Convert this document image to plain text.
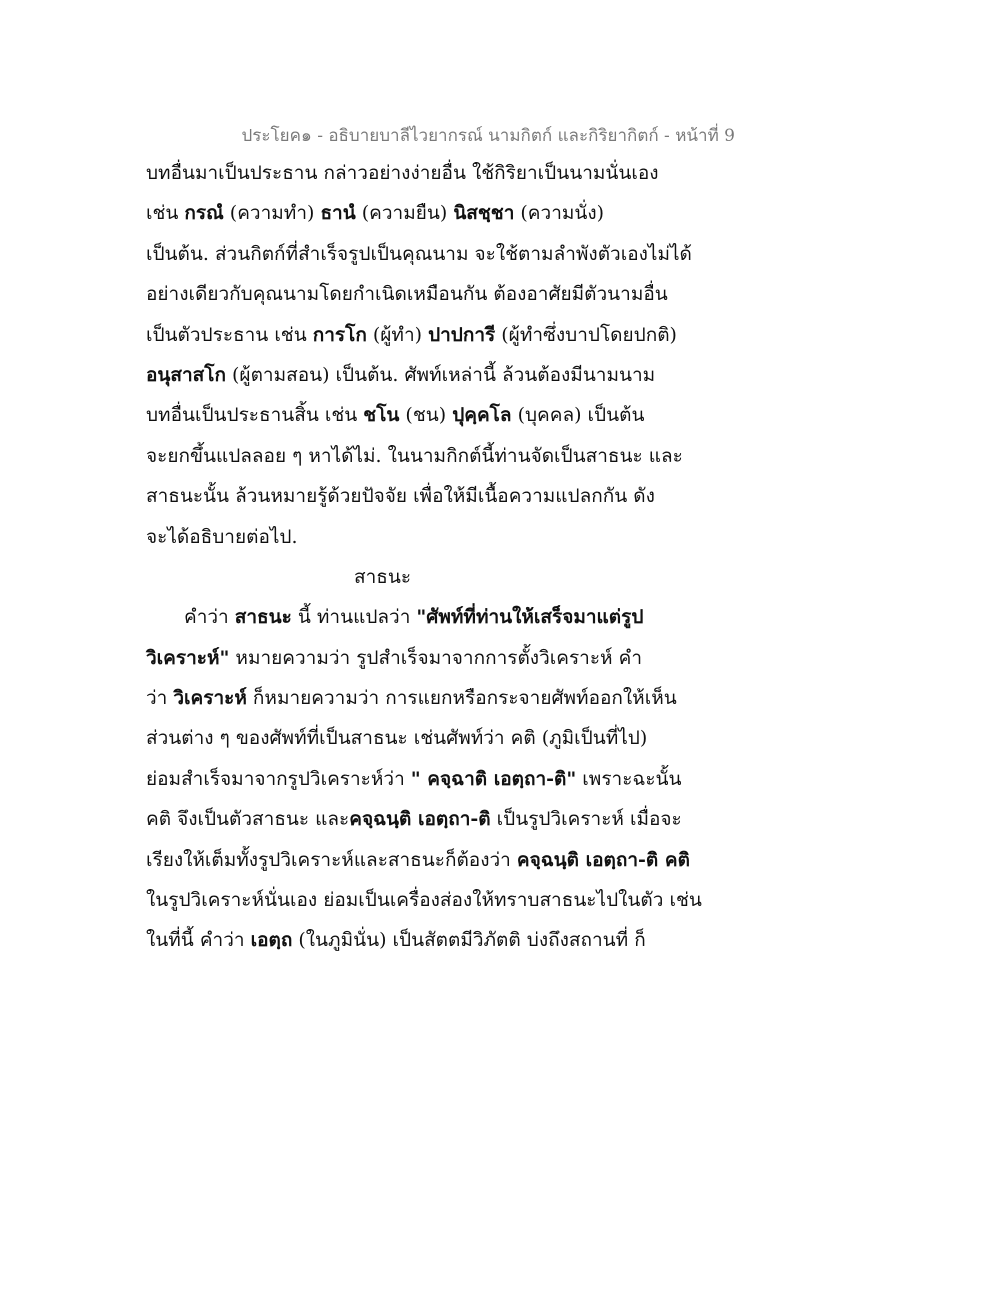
ประโยค๑ - อธิบายบาลีไวยากรณ์ นามกิตก์ และกิริยากิตก์ - หน้าที่ 9
บทอื่นมาเป็นประธาน กล่าวอย่างง่ายอื่น ใช้กิริยาเป็นนามนั่นเอง
เช่น กรณํ (ความทำ) ธานํ (ความยืน) นิสชฺชา (ความนั่ง)
เป็นต้น. ส่วนกิตก์ที่สำเร็จรูปเป็นคุณนาม จะใช้ตามลำพังตัวเองไม่ได้
อย่างเดียวกับคุณนามโดยกำเนิดเหมือนกัน ต้องอาศัยมีตัวนามอื่น
เป็นตัวประธาน เช่น การโก (ผู้ทำ) ปาปการี (ผู้ทำซึ่งบาปโดยปกติ)
อนุสาสโก (ผู้ตามสอน) เป็นต้น. ศัพท์เหล่านี้ ล้วนต้องมีนามนาม
บทอื่นเป็นประธานสิ้น เช่น ชโน (ชน) ปุคฺคโล (บุคคล) เป็นต้น
จะยกขึ้นแปลลอย ๆ หาได้ไม่. ในนามกิกต์นี้ท่านจัดเป็นสาธนะ และ
สาธนะนั้น ล้วนหมายรู้ด้วยปัจจัย เพื่อให้มีเนื้อความแปลกกัน ดัง
จะได้อธิบายต่อไป.
สาธนะ
คำว่า สาธนะ นี้ ท่านแปลว่า "ศัพท์ที่ท่านให้เสร็จมาแต่รูป
วิเคราะห์" หมายความว่า รูปสำเร็จมาจากการตั้งวิเคราะห์ คำ
ว่า วิเคราะห์ ก็หมายความว่า การแยกหรือกระจายศัพท์ออกให้เห็น
ส่วนต่าง ๆ ของศัพท์ที่เป็นสาธนะ เช่นศัพท์ว่า คติ (ภูมิเป็นที่ไป)
ย่อมสำเร็จมาจากรูปวิเคราะห์ว่า " คจฺฉาติ เอตฺถา-ติ" เพราะฉะนั้น
คติ จึงเป็นตัวสาธนะ และคจฺฉนฺติ เอตฺถา-ติ เป็นรูปวิเคราะห์ เมื่อจะ
เรียงให้เต็มทั้งรูปวิเคราะห์และสาธนะก็ต้องว่า คจฺฉนฺติ เอตฺถา-ติ คติ
ในรูปวิเคราะห์นั่นเอง ย่อมเป็นเครื่องส่องให้ทราบสาธนะไปในตัว เช่น
ในที่นี้ คำว่า เอตฺถ (ในภูมินั่น) เป็นสัตตมีวิภัตติ บ่งถึงสถานที่ ก็
